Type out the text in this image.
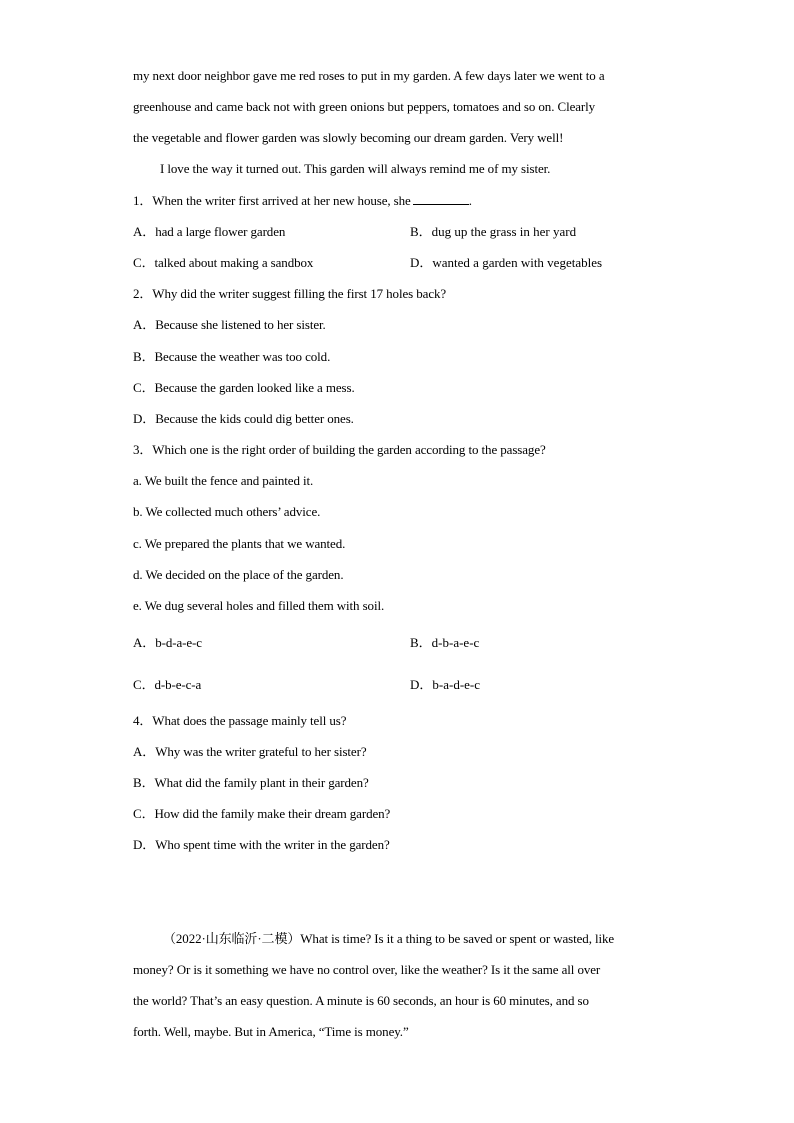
my next door neighbor gave me red roses to put in my garden. A few days later we went to a
greenhouse and came back not with green onions but peppers, tomatoes and so on. Clearly
the vegetable and flower garden was slowly becoming our dream garden. Very well!
I love the way it turned out. This garden will always remind me of my sister.
1．When the writer first arrived at her new house, she	.
A．had a large flower garden	B．dug up the grass in her yard
C．talked about making a sandbox	D．wanted a garden with vegetables
2．Why did the writer suggest filling the first 17 holes back?
A．Because she listened to her sister.
B．Because the weather was too cold.
C．Because the garden looked like a mess.
D．Because the kids could dig better ones.
3．Which one is the right order of building the garden according to the passage?
a. We built the fence and painted it.
b. We collected much others’ advice.
c. We prepared the plants that we wanted.
d. We decided on the place of the garden.
e. We dug several holes and filled them with soil.
A．b-d-a-e-c	B．d-b-a-e-c
C．d-b-e-c-a	D．b-a-d-e-c
4．What does the passage mainly tell us?
A．Why was the writer grateful to her sister?
B．What did the family plant in their garden?
C．How did the family make their dream garden?
D．Who spent time with the writer in the garden?
（2022·山东临沂·二模）What is time? Is it a thing to be saved or spent or wasted, like
money? Or is it something we have no control over, like the weather? Is it the same all over
the world? That’s an easy question. A minute is 60 seconds, an hour is 60 minutes, and so
forth. Well, maybe. But in America, “Time is money.”
